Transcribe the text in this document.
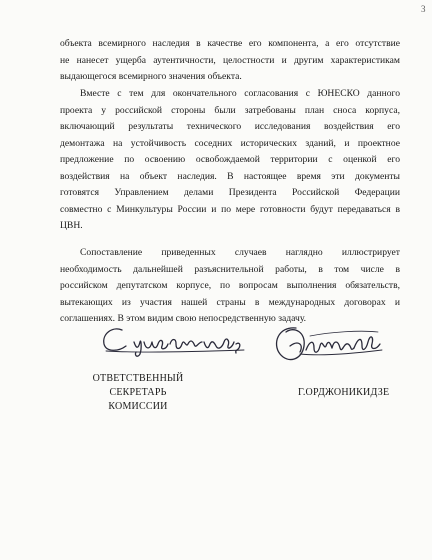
3
объекта всемирного наследия в качестве его компонента, а его отсутствие
не нанесет ущерба аутентичности, целостности и другим характеристикам
выдающегося всемирного значения объекта.
Вместе с тем для окончательного согласования с ЮНЕСКО данного
проекта у российской стороны были затребованы план сноса корпуса,
включающий результаты технического исследования воздействия его
демонтажа на устойчивость соседних исторических зданий, и проектное
предложение по освоению освобождаемой территории с оценкой его
воздействия на объект наследия. В настоящее время эти документы
готовятся Управлением делами Президента Российской Федерации
совместно с Минкультуры России и по мере готовности будут передаваться в
ЦВН.
Сопоставление приведенных случаев наглядно иллюстрирует
необходимость дальнейшей разъяснительной работы, в том числе в
российском депутатском корпусе, по вопросам выполнения обязательств,
вытекающих из участия нашей страны в международных договорах и
соглашениях. В этом видим свою непосредственную задачу.
ОТВЕТСТВЕННЫЙ СЕКРЕТАРЬ
КОМИССИИ
Г.ОРДЖОНИКИДЗЕ
